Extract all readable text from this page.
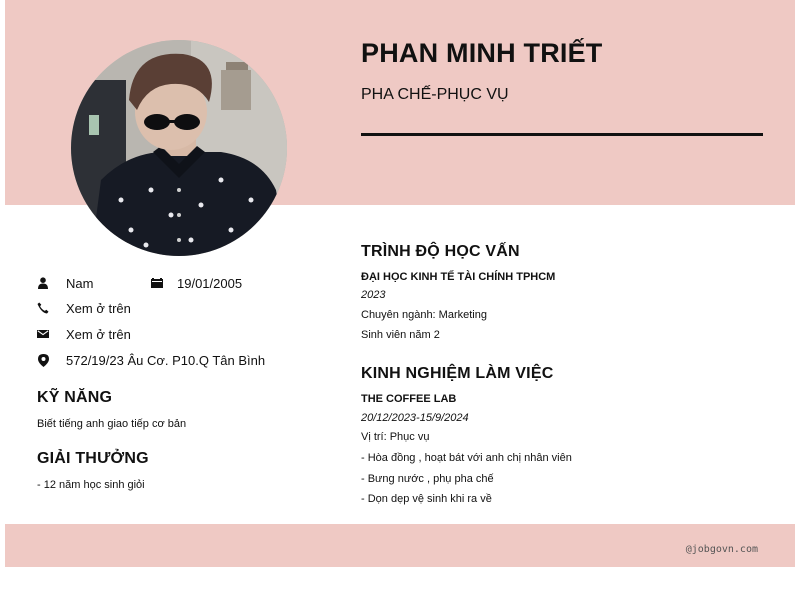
PHAN MINH TRIẾT
PHA CHẾ-PHỤC VỤ
Nam	19/01/2005
Xem ở trên
Xem ở trên
572/19/23 Âu Cơ. P10.Q Tân Bình
KỸ NĂNG
Biết tiếng anh giao tiếp cơ bản
GIẢI THƯỞNG
- 12 năm học sinh giỏi
TRÌNH ĐỘ HỌC VẤN
ĐẠI HỌC KINH TẾ TÀI CHÍNH TPHCM
2023
Chuyên ngành: Marketing
Sinh viên năm 2
KINH NGHIỆM LÀM VIỆC
THE COFFEE LAB
20/12/2023-15/9/2024
Vị trí: Phục vụ
- Hòa đồng , hoạt bát với anh chị nhân viên
- Bưng nước , phụ pha chế
- Dọn dẹp vệ sinh khi ra về
@jobgovn.com
